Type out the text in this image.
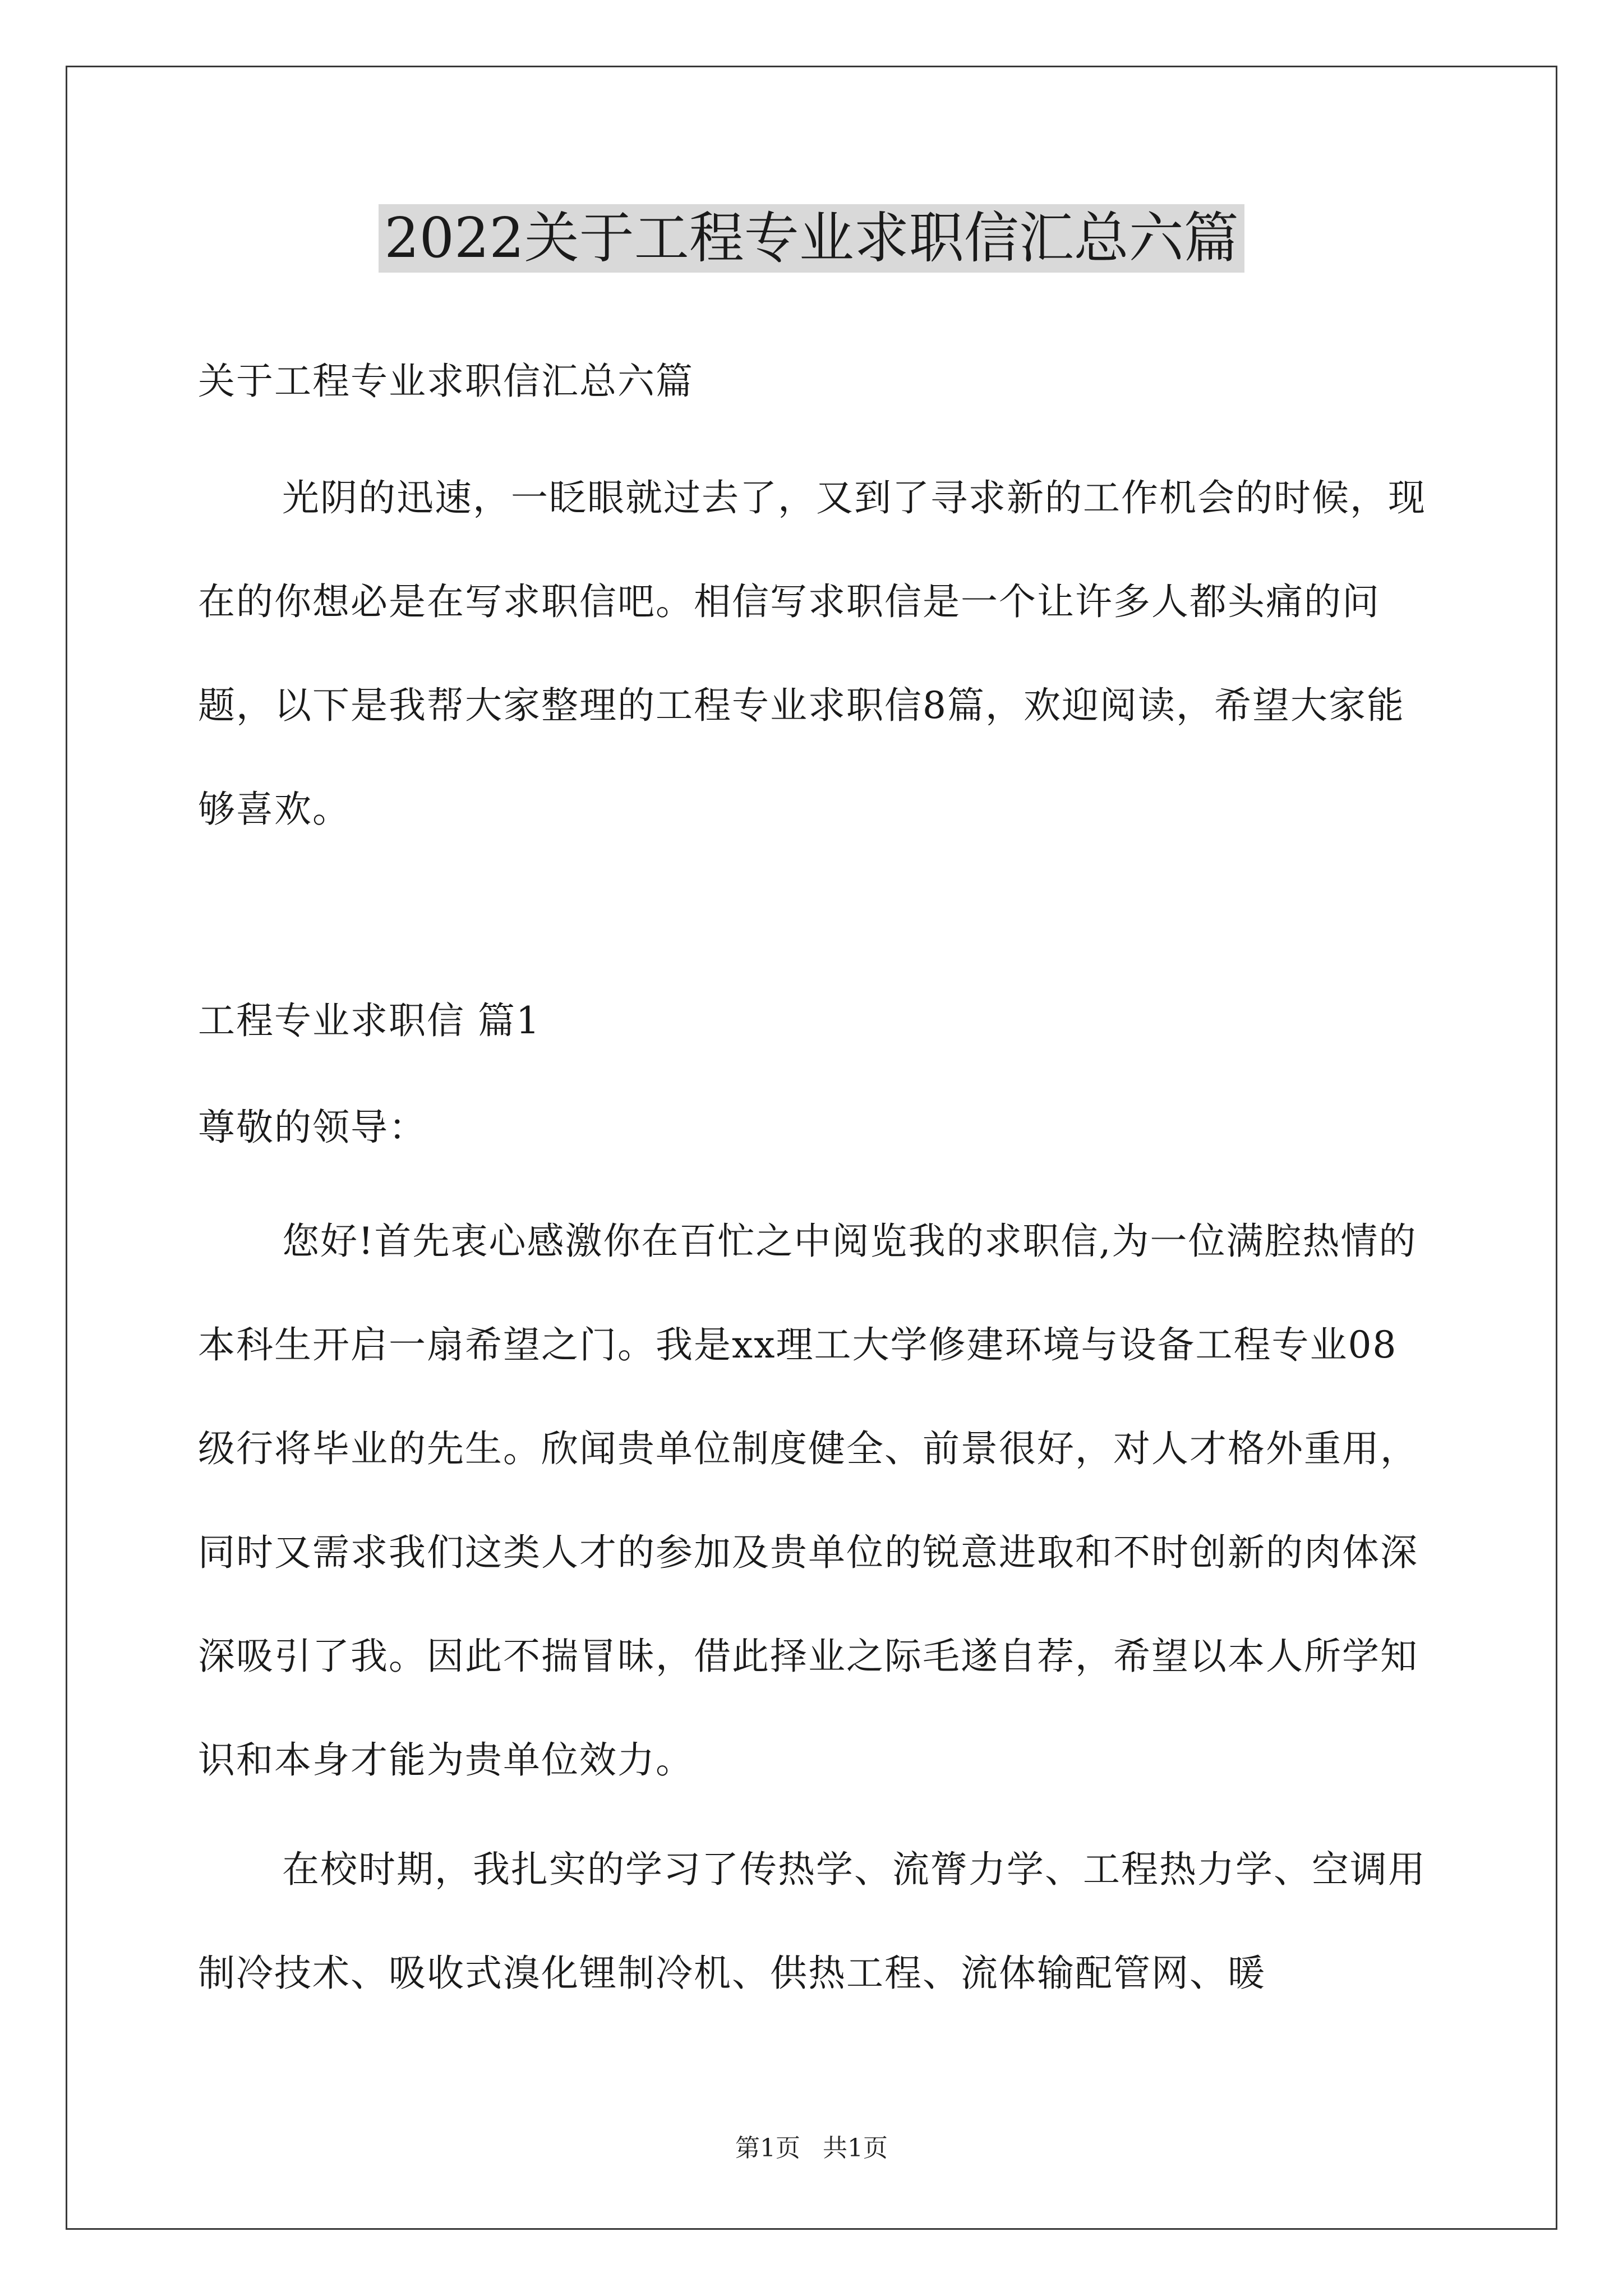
2022关于工程专业求职信汇总六篇

关于工程专业求职信汇总六篇

光阴的迅速，一眨眼就过去了，又到了寻求新的工作机会的时候，现在的你想必是在写求职信吧。相信写求职信是一个让许多人都头痛的问题，以下是我帮大家整理的工程专业求职信8篇，欢迎阅读，希望大家能够喜欢。

工程专业求职信 篇1

尊敬的领导：

您好!首先衷心感激你在百忙之中阅览我的求职信,为一位满腔热情的本科生开启一扇希望之门。我是xx理工大学修建环境与设备工程专业08级行将毕业的先生。欣闻贵单位制度健全、前景很好，对人才格外重用，同时又需求我们这类人才的参加及贵单位的锐意进取和不时创新的肉体深深吸引了我。因此不揣冒昧，借此择业之际毛遂自荐，希望以本人所学知识和本身才能为贵单位效力。

在校时期，我扎实的学习了传热学、流膂力学、工程热力学、空调用制冷技术、吸收式溴化锂制冷机、供热工程、流体输配管网、暖

第1页 共1页
